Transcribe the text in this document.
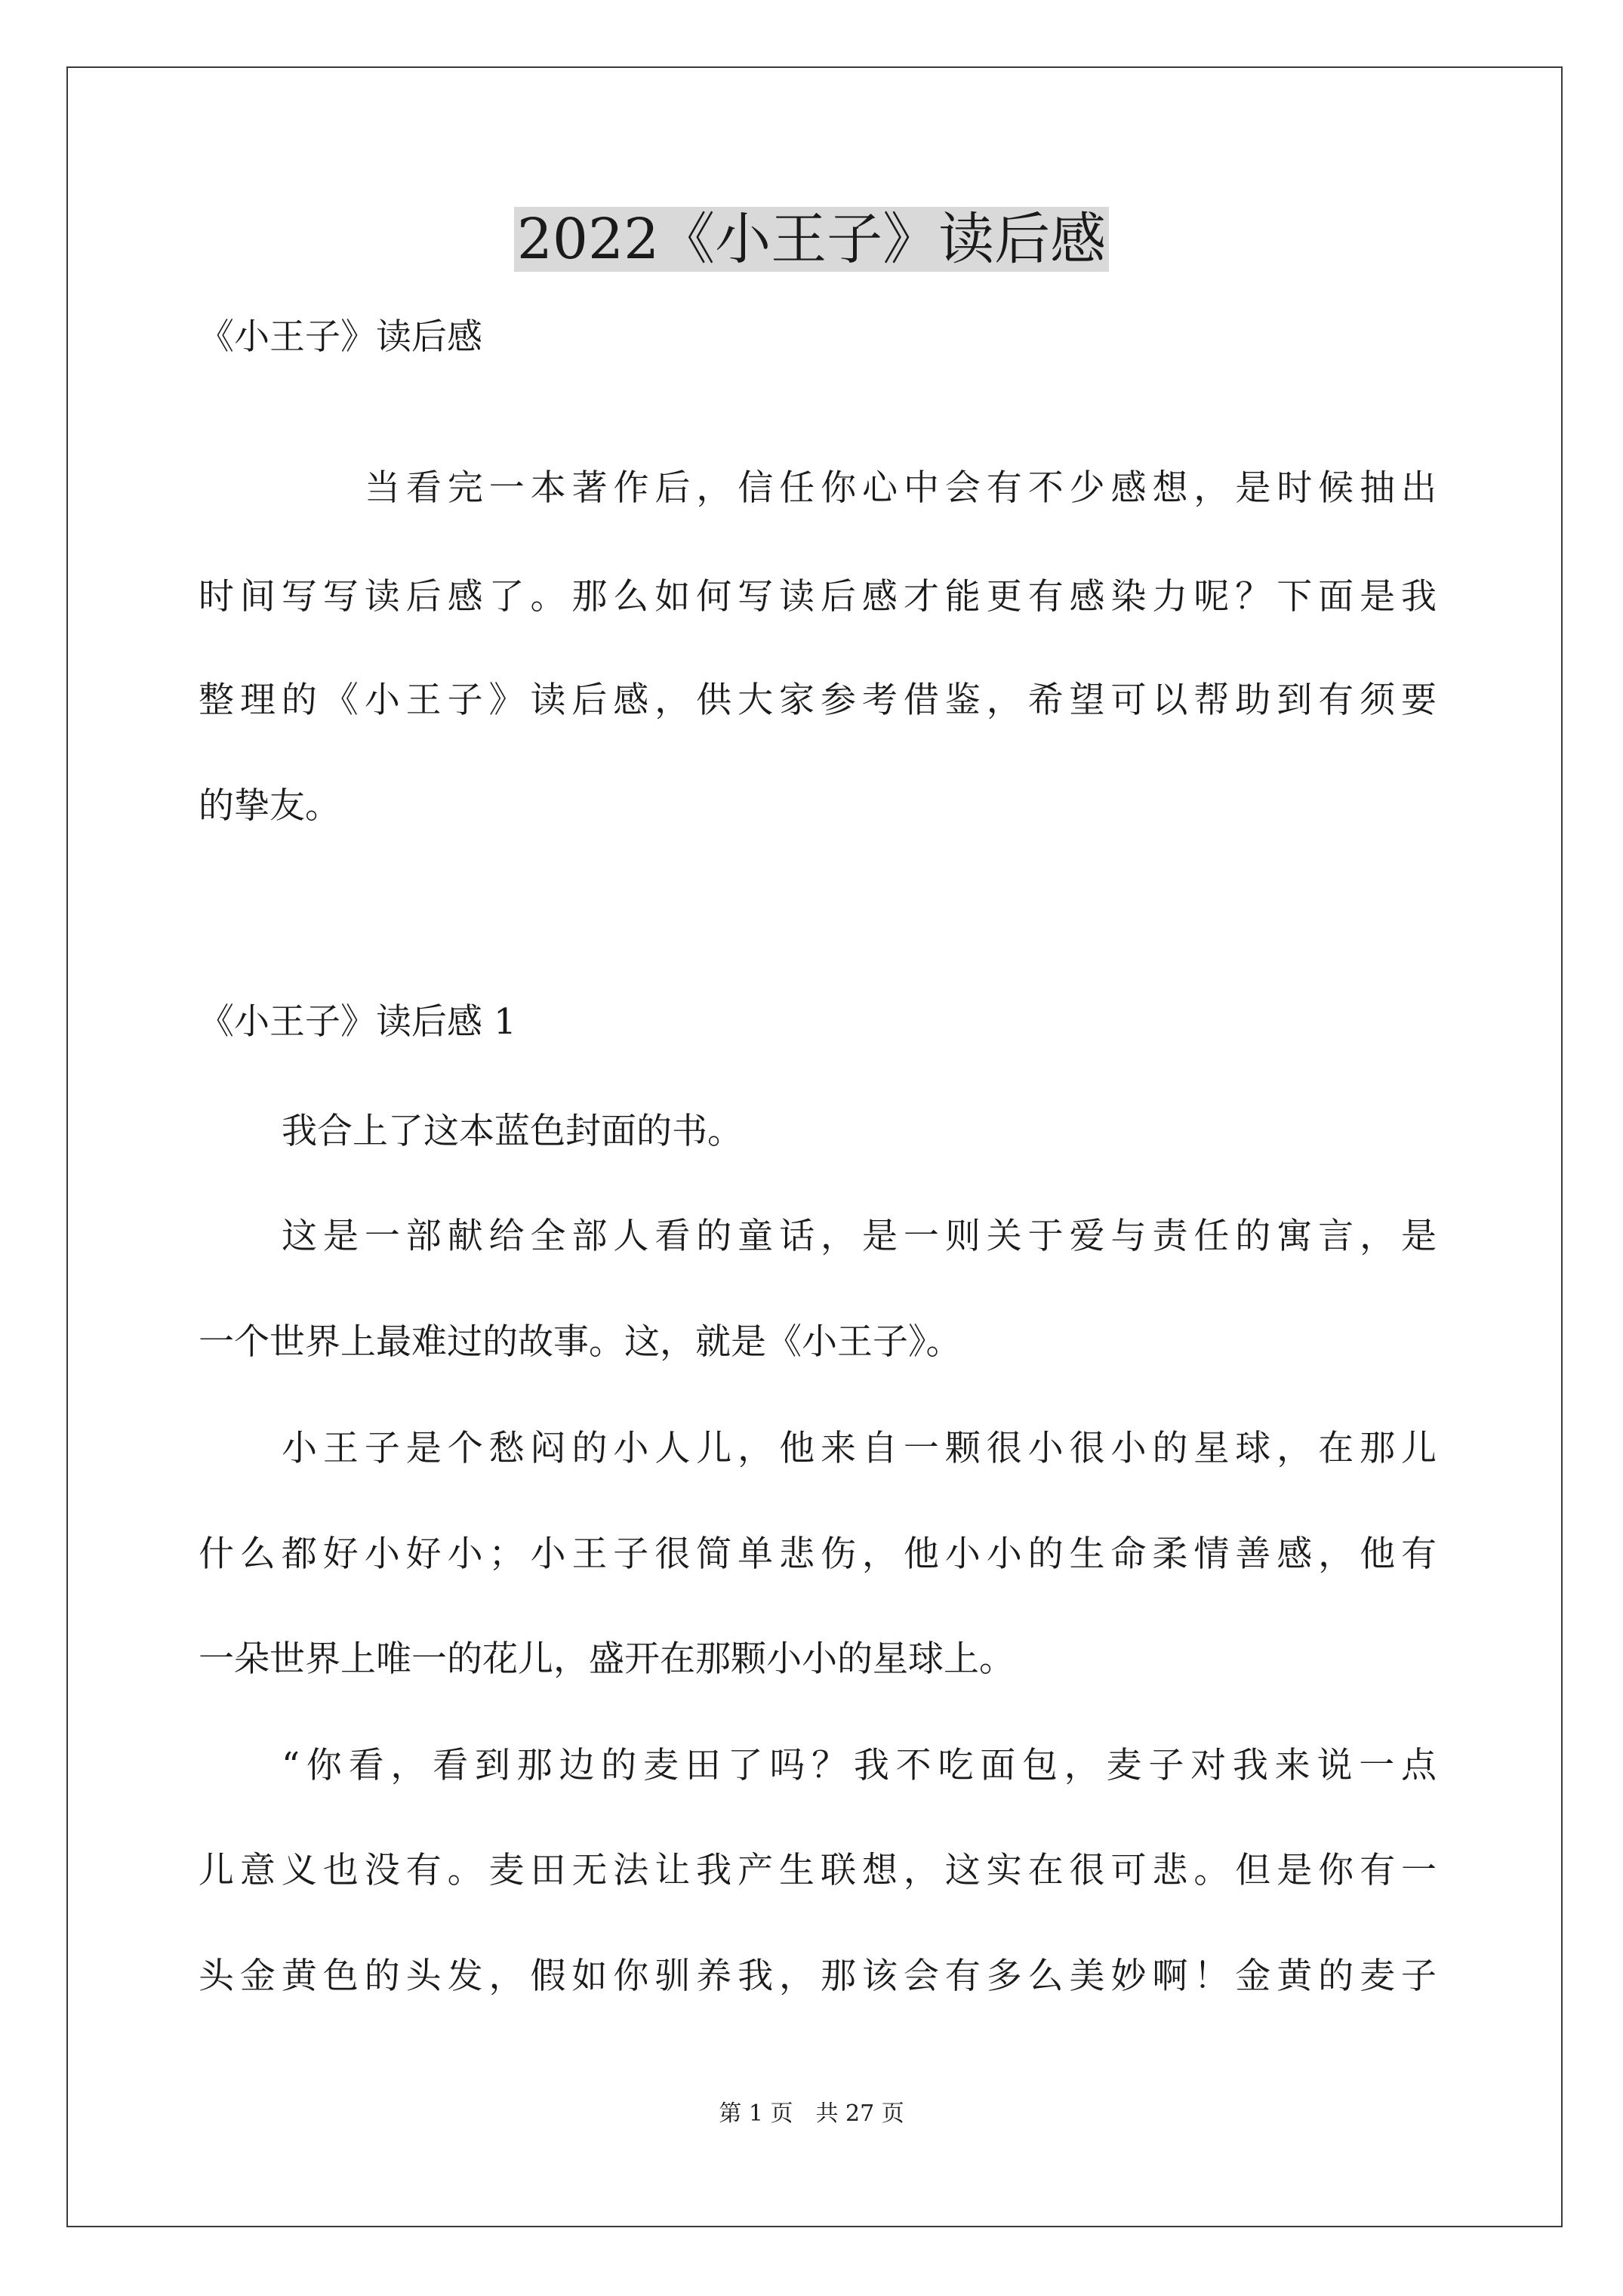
2022《小王子》读后感
《小王子》读后感
当看完一本著作后，信任你心中会有不少感想，是时候抽出
时间写写读后感了。那么如何写读后感才能更有感染力呢？下面是我
整理的《小王子》读后感，供大家参考借鉴，希望可以帮助到有须要
的挚友。
《小王子》读后感 1
我合上了这本蓝色封面的书。
这是一部献给全部人看的童话，是一则关于爱与责任的寓言，是
一个世界上最难过的故事。这，就是《小王子》。
小王子是个愁闷的小人儿，他来自一颗很小很小的星球，在那儿
什么都好小好小；小王子很简单悲伤，他小小的生命柔情善感，他有
一朵世界上唯一的花儿，盛开在那颗小小的星球上。
“你看，看到那边的麦田了吗？我不吃面包，麦子对我来说一点
儿意义也没有。麦田无法让我产生联想，这实在很可悲。但是你有一
头金黄色的头发，假如你驯养我，那该会有多么美妙啊！金黄的麦子
第 1 页　共 27 页
